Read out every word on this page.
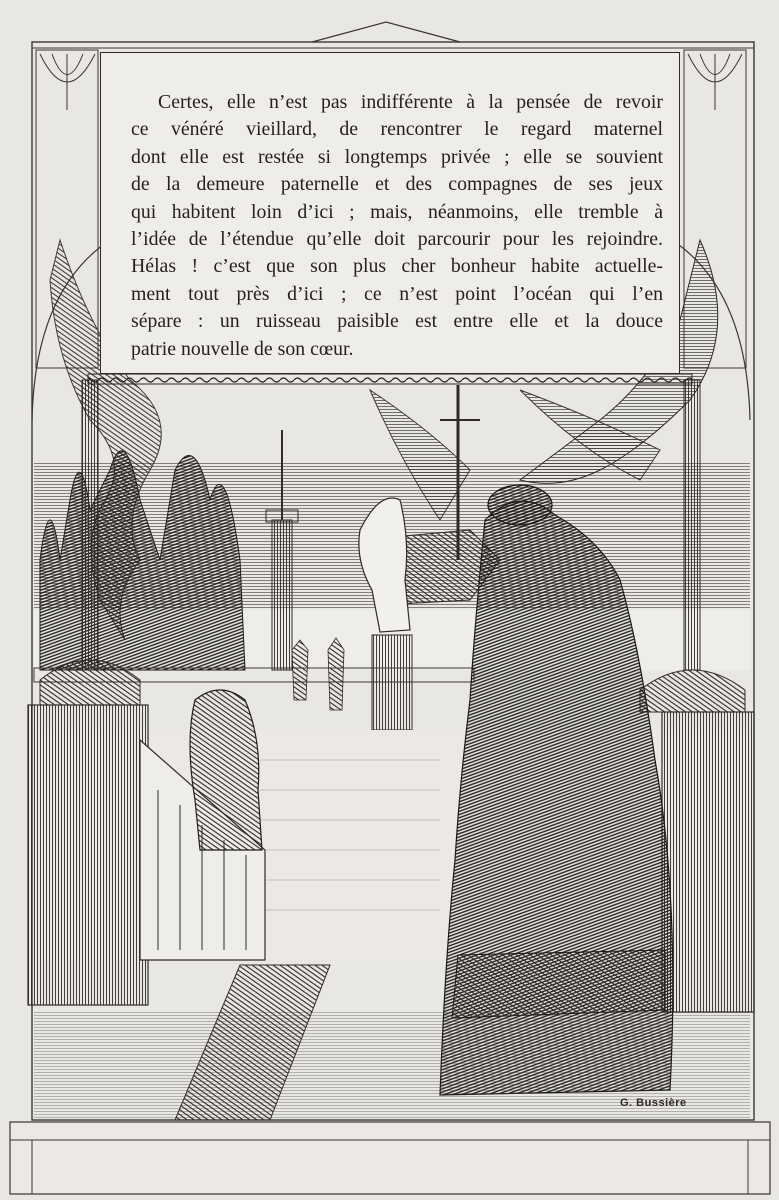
Certes, elle n’est pas indifférente à la pensée de revoir
ce vénéré vieillard, de rencontrer le regard maternel
dont elle est restée si longtemps privée ; elle se souvient
de la demeure paternelle et des compagnes de ses jeux
qui habitent loin d’ici ; mais, néanmoins, elle tremble à
l’idée de l’étendue qu’elle doit parcourir pour les rejoindre.
Hélas ! c’est que son plus cher bonheur habite actuelle-
ment tout près d’ici ; ce n’est point l’océan qui l’en
sépare : un ruisseau paisible est entre elle et la douce
patrie nouvelle de son cœur.
G. Bussière
